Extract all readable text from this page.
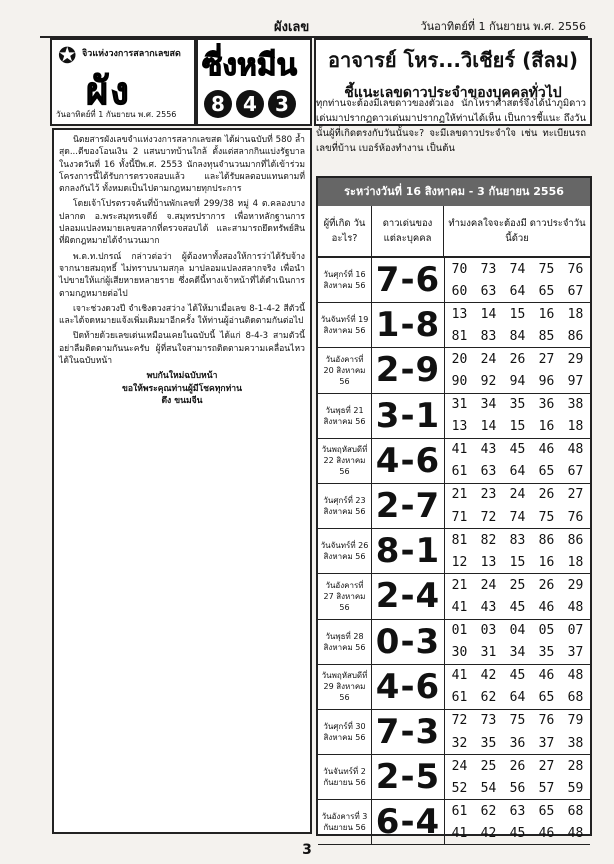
ผังเลข	วันอาทิตย์ที่ 1 กันยายน พ.ศ. 2556
✪ จิวแห่งวงการสลากเลขสด
ผัง
วันอาทิตย์ที่ 1 กันยายน พ.ศ. 2556
ซี่งหมีน
8 4 3
อาจารย์ โหร...วิเชียร์ (สีลม)
ชี้แนะเลขดาวประจำของบุคคลทั่วไป
ทุกท่านจะต้องมีเลขดาวของตัวเอง นักโหราศาสตร์จึงได้นำภูมิดาวเด่นมาปรากฏดาวเด่นมาปรากฏให้ท่านได้เห็น เป็นการชี้แนะ ถึงวันนั้นผู้ที่เกิดตรงกับวันนั้นจะ? จะมีเลขดาวประจำใจ เช่น ทะเบียนรถ เลขที่บ้าน เบอร์ห้องทำงาน เป็นต้น

นิตยสารผังเลขจำแห่งวงการสลากเลขสด ได้ผ่านฉบับที่ 580 ล้ำสุด...ตีของโอนเงิน 2 แสนบาทบ้านใกล้ ตั้งแต่สลากกินแบ่งรัฐบาลในงวดวันที่ 16 ทั้งนี้ปีพ.ศ. 2553 นักลงทุนจำนวนมากที่ได้เข้าร่วมโครงการนี้ได้รับการตรวจสอบแล้ว และได้รับผลตอบแทนตามที่ตกลงกันไว้ ทั้งหมดเป็นไปตามกฎหมายทุกประการ

โดยเจ้าโปรตรวจค้นที่บ้านพักเลขที่ 299/38 หมู่ 4 ต.คลองบางปลากด อ.พระสมุทรเจดีย์ จ.สมุทรปราการ เพื่อหาหลักฐานการปลอมแปลงหมายเลขสลากที่ตรวจสอบได้ และสามารถยึดทรัพย์สินที่ผิดกฎหมายได้จำนวนมาก

พ.ต.ท.ปกรณ์ กล่าวต่อว่า ผู้ต้องหาทั้งสองให้การว่าได้รับจ้างจากนายสมฤทธิ์ ไม่ทราบนามสกุล มาปลอมแปลงสลากจริง เพื่อนำไปขายให้แก่ผู้เสียหายหลายราย ซึ่งคดีนี้ทางเจ้าหน้าที่ได้ดำเนินการตามกฎหมายต่อไป

เจาะช่วงดวงปี จำเชิงดวงสว่าง ได้ให้มาเมื่อเลข 8-1-4-2 สีตัวนี้ และได้จดหมายแจ้งเพิ่มเติมมาอีกครั้ง ให้ท่านผู้อ่านติดตามกันต่อไป

ปิดท้ายด้วยเลขเด่นเหมือนเคยในฉบับนี้ ได้แก่ 8-4-3 สามตัวนี้อย่าลืมติดตามกันนะครับ ผู้ที่สนใจสามารถติดตามความเคลื่อนไหวได้ในฉบับหน้า

พบกันใหม่ฉบับหน้า

ขอให้พระคุณท่านผู้มีโชคทุกท่าน

ดึง ขนมจีน

ระหว่างวันที่ 16 สิงหาคม - 3 กันยายน 2556
ผู้ที่เกิด วันอะไร?
ดาวเด่นของ แต่ละบุคคล
ทำมงคลใจจะต้องมี ดาวประจำวันนี้ด้วย
วันศุกร์ที่ 16 สิงหาคม 56 7-6 70 73 74 75 76
60 63 64 65 67
วันจันทร์ที่ 19 สิงหาคม 56 1-8 13 14 15 16 18
81 83 84 85 86
วันอังคารที่ 20 สิงหาคม 56 2-9 20 24 26 27 29
90 92 94 96 97
วันพุธที่ 21 สิงหาคม 56 3-1 31 34 35 36 38
13 14 15 16 18
วันพฤหัสบดีที่ 22 สิงหาคม 56 4-6 41 43 45 46 48
61 63 64 65 67
วันศุกร์ที่ 23 สิงหาคม 56 2-7 21 23 24 26 27
71 72 74 75 76
วันจันทร์ที่ 26 สิงหาคม 56 8-1 81 82 83 86 86
12 13 15 16 18
วันอังคารที่ 27 สิงหาคม 56 2-4 21 24 25 26 29
41 43 45 46 48
วันพุธที่ 28 สิงหาคม 56 0-3 01 03 04 05 07
30 31 34 35 37
วันพฤหัสบดีที่ 29 สิงหาคม 56 4-6 41 42 45 46 48
61 62 64 65 68
วันศุกร์ที่ 30 สิงหาคม 56 7-3 72 73 75 76 79
32 35 36 37 38
วันจันทร์ที่ 2 กันยายน 56 2-5 24 25 26 27 28
52 54 56 57 59
วันอังคารที่ 3 กันยายน 56 6-4 61 62 63 65 68
41 42 45 46 48
3
